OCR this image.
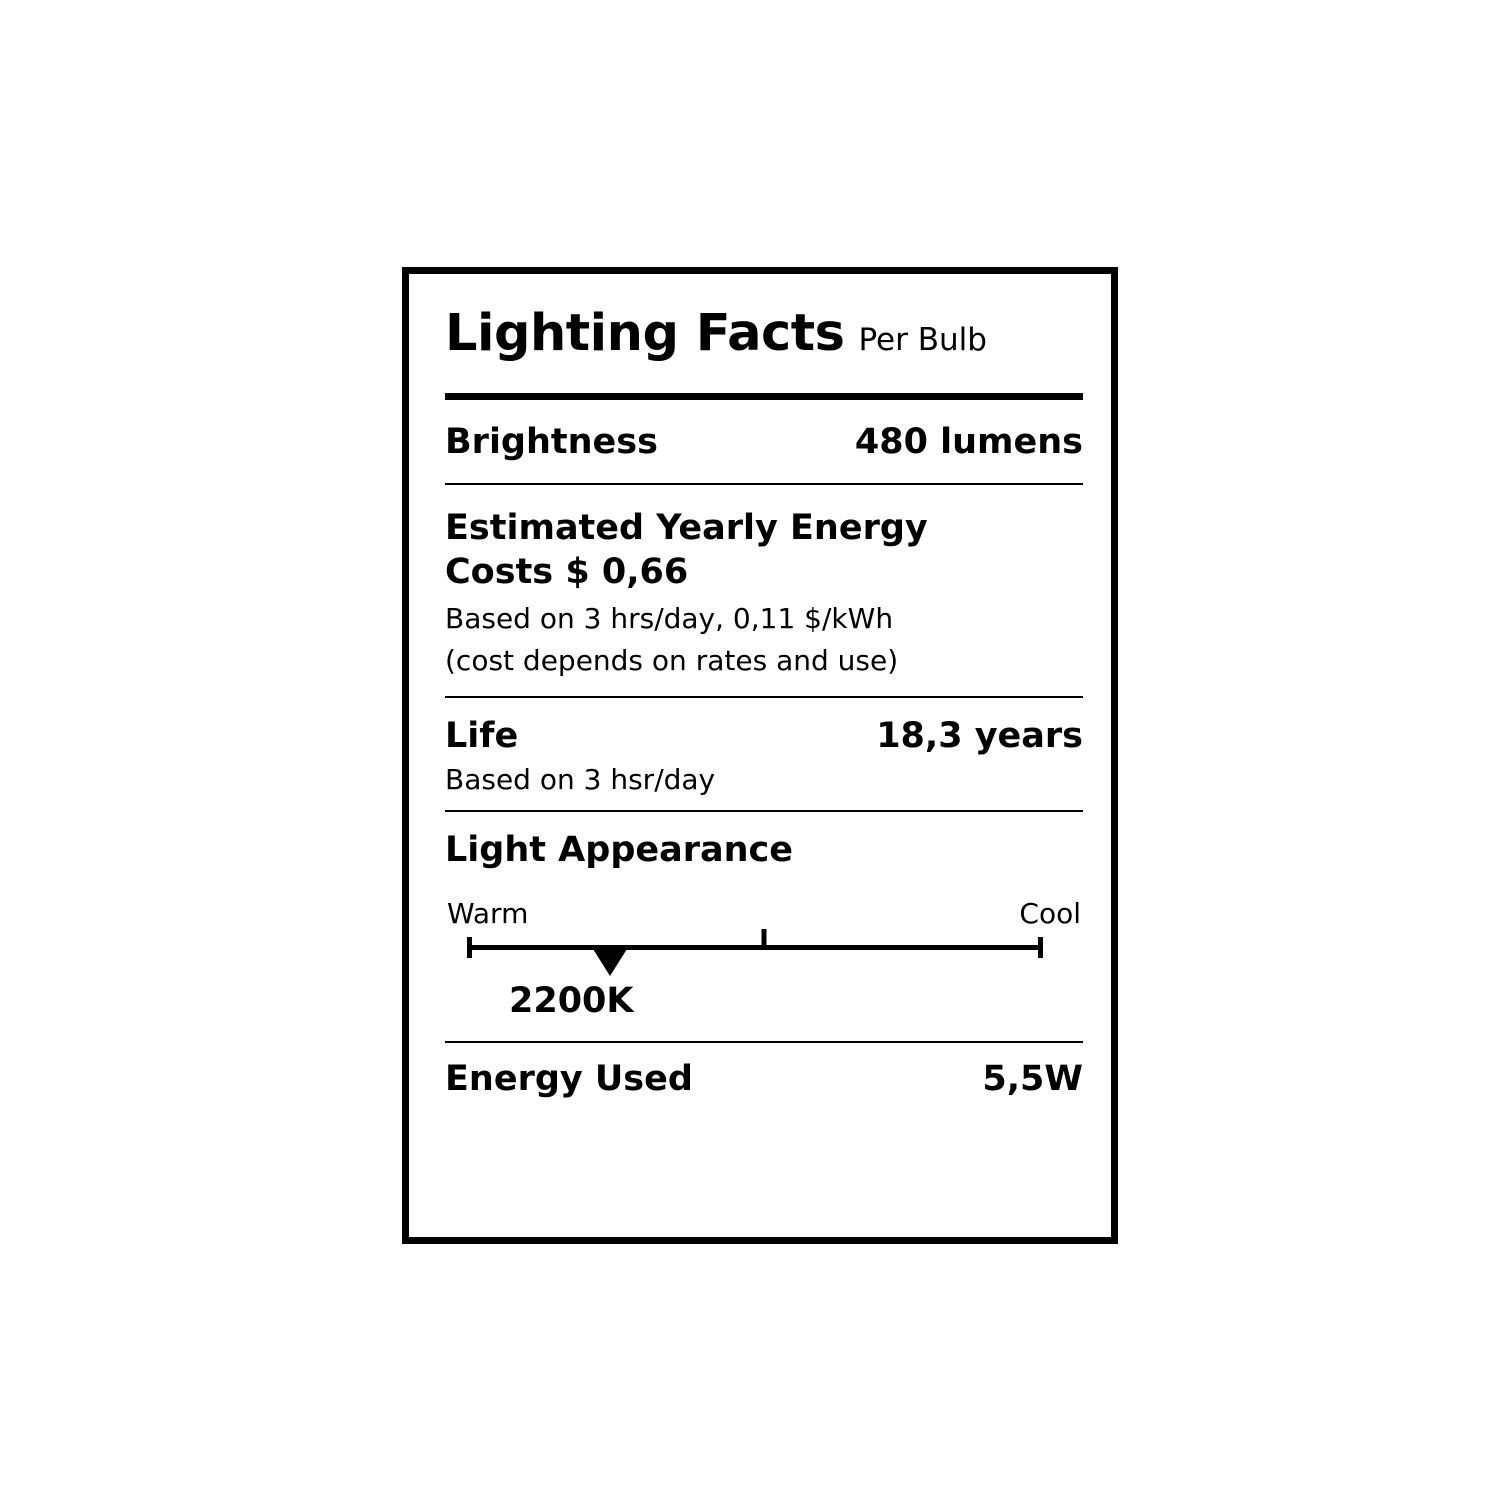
Lighting Facts Per Bulb
Brightness	480 lumens
Estimated Yearly Energy Costs $ 0,66
Based on 3 hrs/day, 0,11 $/kWh
(cost depends on rates and use)
Life	18,3 years
Based on 3 hsr/day
Light Appearance
Warm	Cool
2200K
Energy Used	5,5W
